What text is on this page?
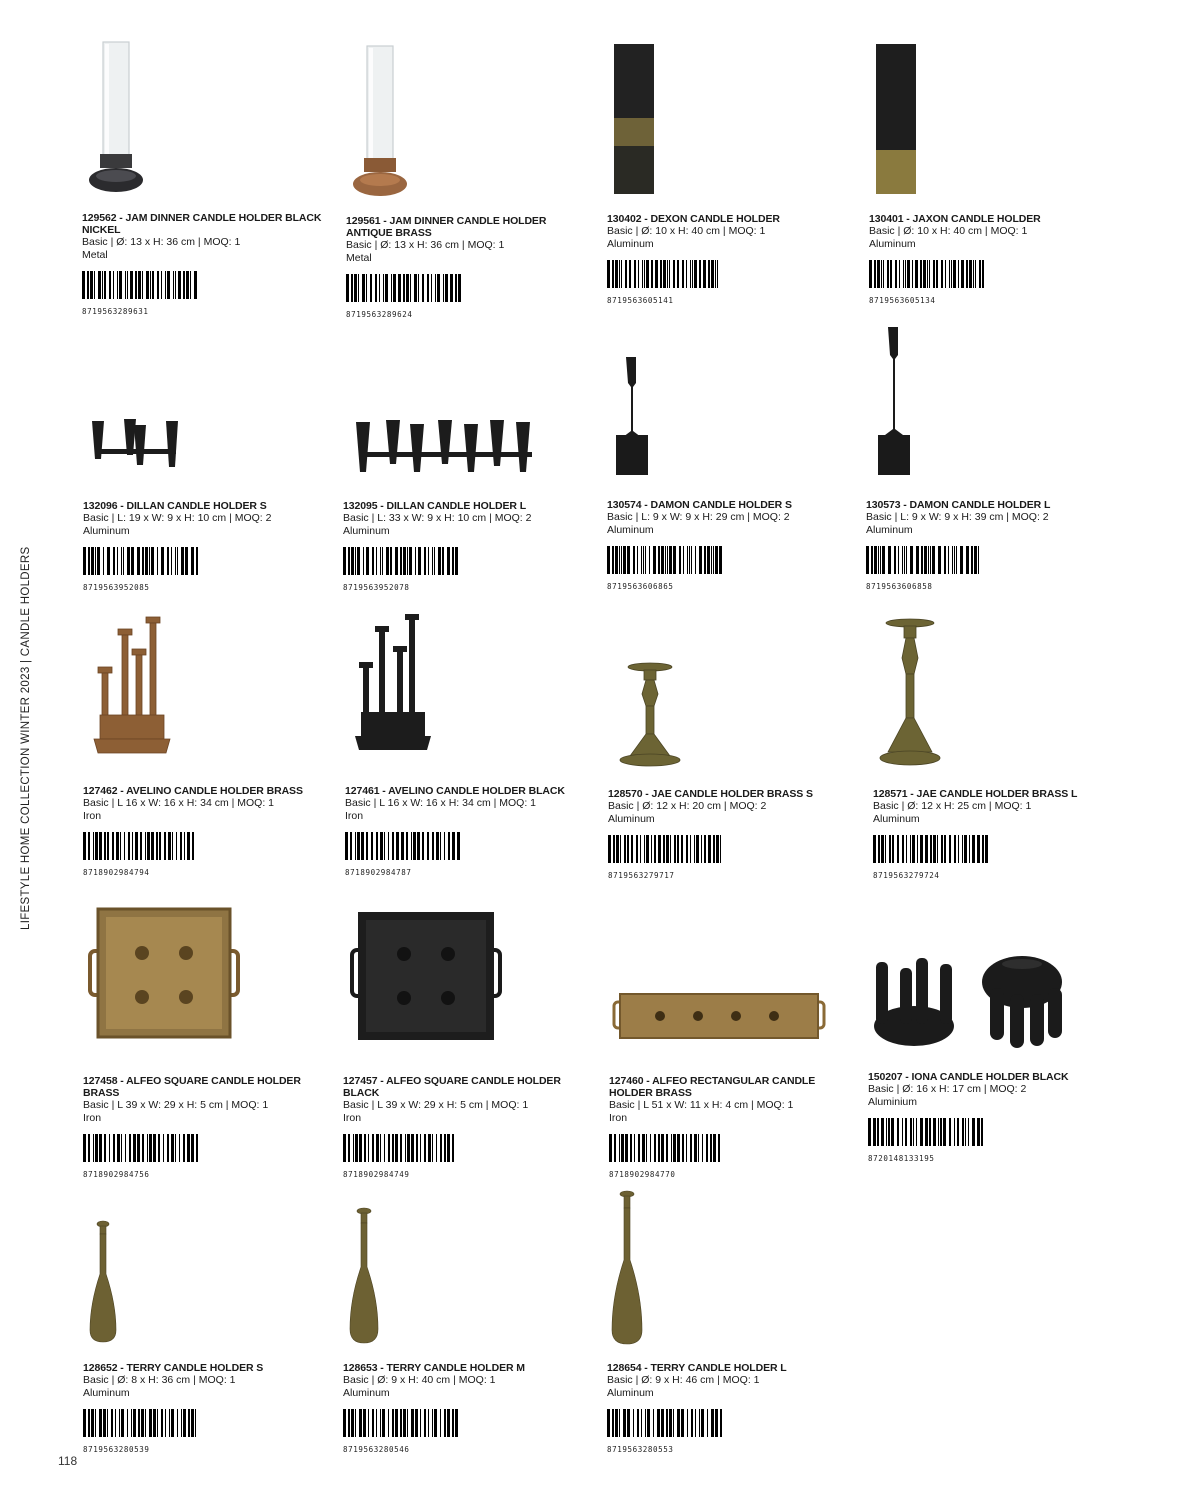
LIFESTYLE HOME COLLECTION WINTER 2023 | CANDLE HOLDERS
118
129562 - JAM DINNER CANDLE HOLDER BLACK NICKEL
Basic | Ø: 13 x H: 36 cm | MOQ: 1
Metal
8719563289631
129561 - JAM DINNER CANDLE HOLDER ANTIQUE BRASS
Basic | Ø: 13 x H: 36 cm | MOQ: 1
Metal
8719563289624
130402 - DEXON CANDLE HOLDER
Basic | Ø: 10 x H: 40 cm | MOQ: 1
Aluminum
8719563605141
130401 - JAXON CANDLE HOLDER
Basic | Ø: 10 x H: 40 cm | MOQ: 1
Aluminum
8719563605134
132096 - DILLAN CANDLE HOLDER S
Basic | L: 19 x W: 9 x H: 10 cm | MOQ: 2
Aluminum
8719563952085
132095 - DILLAN CANDLE HOLDER L
Basic | L: 33 x W: 9 x H: 10 cm | MOQ: 2
Aluminum
8719563952078
130574 - DAMON CANDLE HOLDER S
Basic | L: 9 x W: 9 x H: 29 cm | MOQ: 2
Aluminum
8719563606865
130573 - DAMON CANDLE HOLDER L
Basic | L: 9 x W: 9 x H: 39 cm | MOQ: 2
Aluminum
8719563606858
127462 - AVELINO CANDLE HOLDER BRASS
Basic | L 16 x W: 16 x H: 34 cm | MOQ: 1
Iron
8718902984794
127461 - AVELINO CANDLE HOLDER BLACK
Basic | L 16 x W: 16 x H: 34 cm | MOQ: 1
Iron
8718902984787
128570 - JAE CANDLE HOLDER BRASS S
Basic | Ø: 12 x H: 20 cm | MOQ: 2
Aluminum
8719563279717
128571 - JAE CANDLE HOLDER BRASS L
Basic | Ø: 12 x H: 25 cm | MOQ: 1
Aluminum
8719563279724
127458 - ALFEO SQUARE CANDLE HOLDER BRASS
Basic | L 39 x W: 29 x H: 5 cm | MOQ: 1
Iron
8718902984756
127457 - ALFEO SQUARE CANDLE HOLDER BLACK
Basic | L 39 x W: 29 x H: 5 cm | MOQ: 1
Iron
8718902984749
127460 - ALFEO RECTANGULAR CANDLE HOLDER BRASS
Basic | L 51 x W: 11 x H: 4 cm | MOQ: 1
Iron
8718902984770
150207 - IONA CANDLE HOLDER BLACK
Basic | Ø: 16 x H: 17 cm | MOQ: 2
Aluminium
8720148133195
128652 - TERRY CANDLE HOLDER S
Basic | Ø: 8 x H: 36 cm | MOQ: 1
Aluminum
8719563280539
128653 - TERRY CANDLE HOLDER M
Basic | Ø: 9 x H: 40 cm | MOQ: 1
Aluminum
8719563280546
128654 - TERRY CANDLE HOLDER L
Basic | Ø: 9 x H: 46 cm | MOQ: 1
Aluminum
8719563280553
